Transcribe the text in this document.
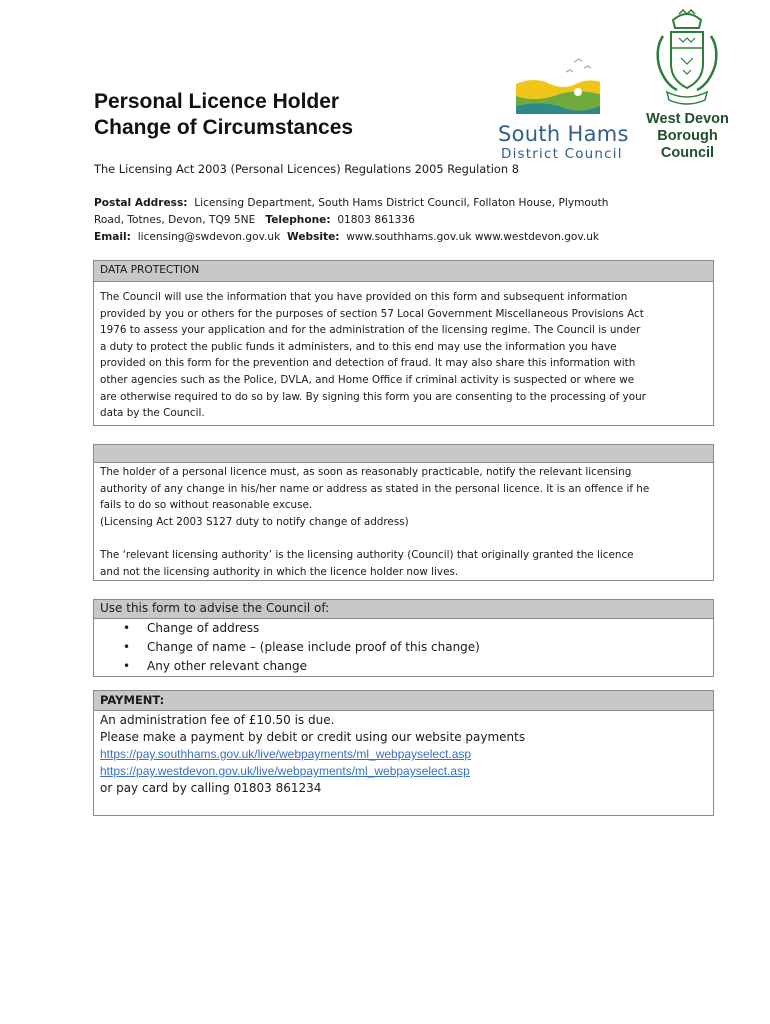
Personal Licence Holder
Change of Circumstances	South Hams
District Council
West Devon
Borough
Council
The Licensing Act 2003 (Personal Licences) Regulations 2005 Regulation 8
Postal Address: Licensing Department, South Hams District Council, Follaton House, Plymouth
Road, Totnes, Devon, TQ9 5NE Telephone: 01803 861336
Email: licensing@swdevon.gov.uk Website: www.southhams.gov.uk www.westdevon.gov.uk
DATA PROTECTION
The Council will use the information that you have provided on this form and subsequent information
provided by you or others for the purposes of section 57 Local Government Miscellaneous Provisions Act
1976 to assess your application and for the administration of the licensing regime. The Council is under
a duty to protect the public funds it administers, and to this end may use the information you have
provided on this form for the prevention and detection of fraud. It may also share this information with
other agencies such as the Police, DVLA, and Home Office if criminal activity is suspected or where we
are otherwise required to do so by law. By signing this form you are consenting to the processing of your
data by the Council.
The holder of a personal licence must, as soon as reasonably practicable, notify the relevant licensing
authority of any change in his/her name or address as stated in the personal licence. It is an offence if he
fails to do so without reasonable excuse.
(Licensing Act 2003 S127 duty to notify change of address)
The ‘relevant licensing authority’ is the licensing authority (Council) that originally granted the licence
and not the licensing authority in which the licence holder now lives.
Use this form to advise the Council of:
•	Change of address
•	Change of name – (please include proof of this change)
•	Any other relevant change
PAYMENT:
An administration fee of £10.50 is due.
Please make a payment by debit or credit using our website payments
https://pay.southhams.gov.uk/live/webpayments/ml_webpayselect.asp
https://pay.westdevon.gov.uk/live/webpayments/ml_webpayselect.asp
or pay card by calling 01803 861234
